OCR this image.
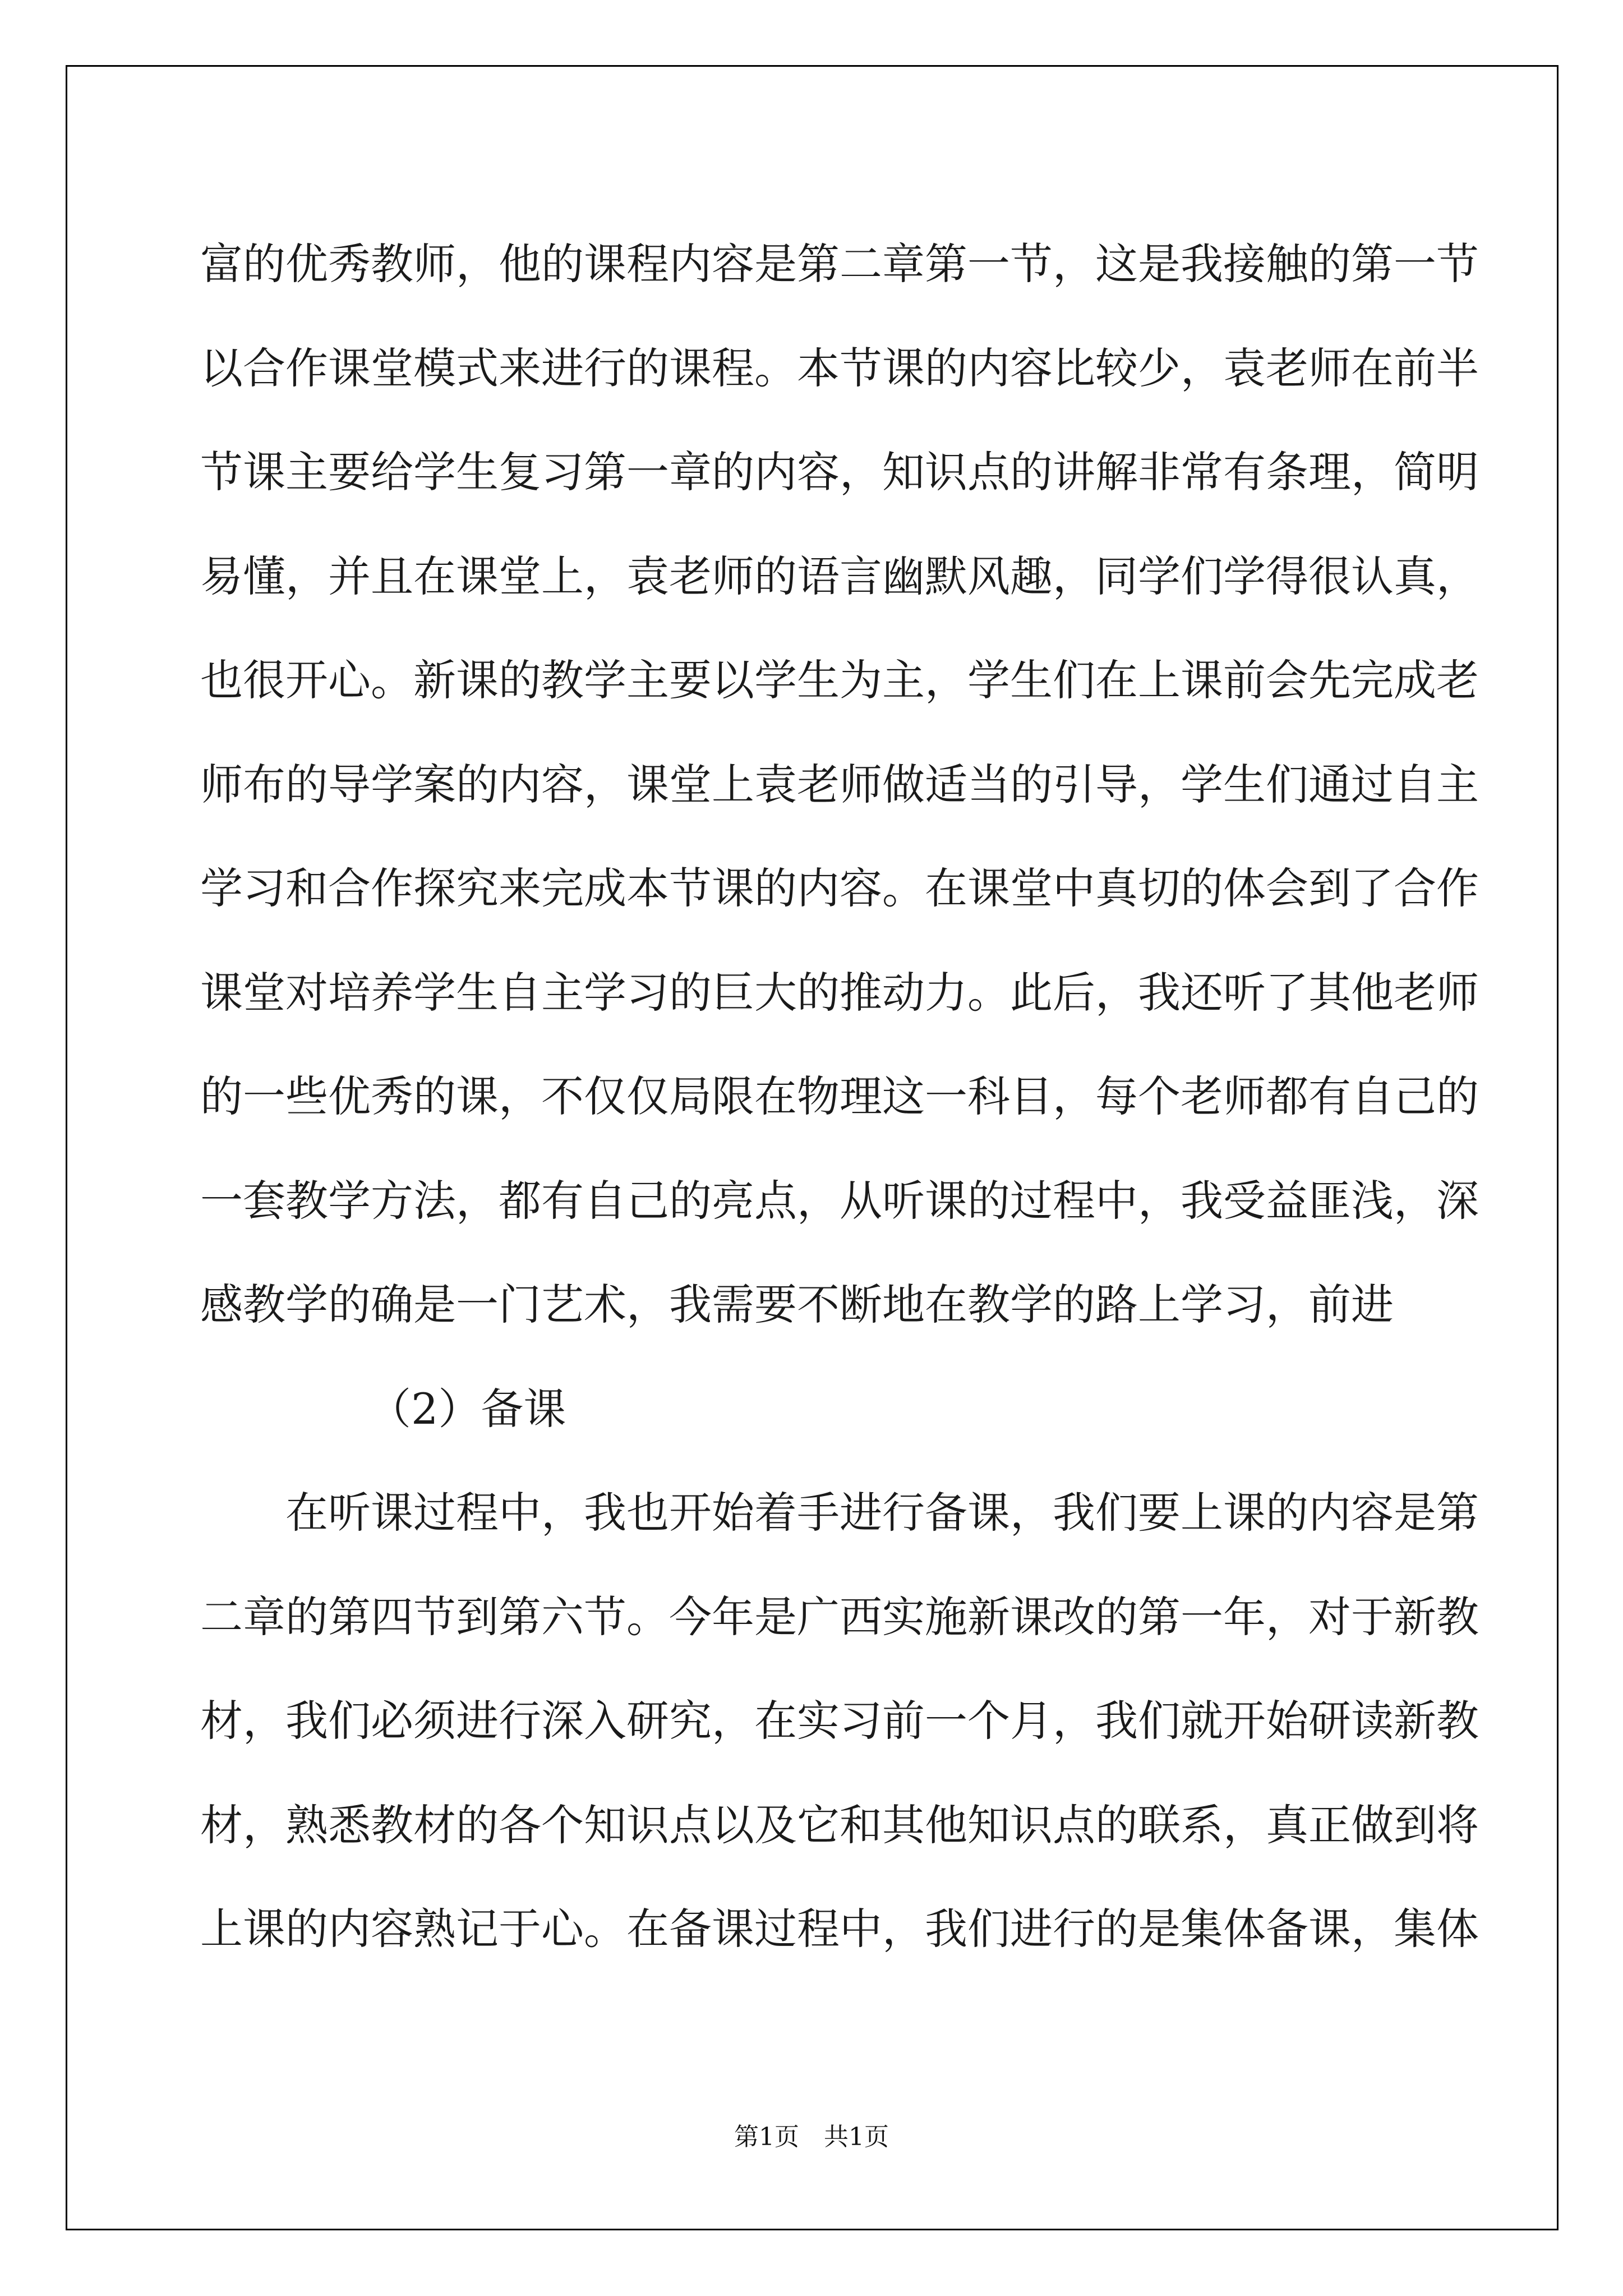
富的优秀教师，他的课程内容是第二章第一节，这是我接触的第一节
以合作课堂模式来进行的课程。本节课的内容比较少，袁老师在前半
节课主要给学生复习第一章的内容，知识点的讲解非常有条理，简明
易懂，并且在课堂上，袁老师的语言幽默风趣，同学们学得很认真，
也很开心。新课的教学主要以学生为主，学生们在上课前会先完成老
师布的导学案的内容，课堂上袁老师做适当的引导，学生们通过自主
学习和合作探究来完成本节课的内容。在课堂中真切的体会到了合作
课堂对培养学生自主学习的巨大的推动力。此后，我还听了其他老师
的一些优秀的课，不仅仅局限在物理这一科目，每个老师都有自己的
一套教学方法，都有自己的亮点，从听课的过程中，我受益匪浅，深
感教学的确是一门艺术，我需要不断地在教学的路上学习，前进
（2）备课
在听课过程中，我也开始着手进行备课，我们要上课的内容是第
二章的第四节到第六节。今年是广西实施新课改的第一年，对于新教
材，我们必须进行深入研究，在实习前一个月，我们就开始研读新教
材，熟悉教材的各个知识点以及它和其他知识点的联系，真正做到将
上课的内容熟记于心。在备课过程中，我们进行的是集体备课，集体
第1页 共1页
